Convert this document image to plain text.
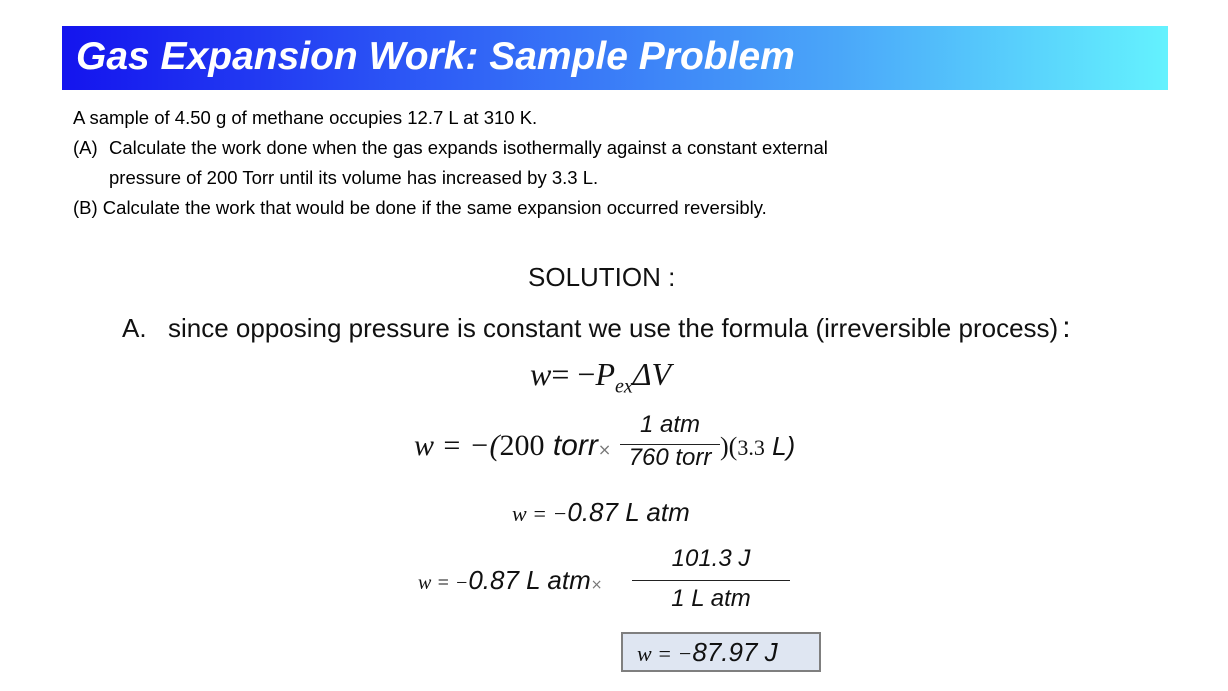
Gas Expansion Work: Sample Problem
A sample of 4.50 g of methane occupies 12.7 L at 310 K.
(A) Calculate the work done when the gas expands isothermally against a constant external
pressure of 200 Torr until its volume has increased by 3.3 L.
(B) Calculate the work that would be done if the same expansion occurred reversibly.
SOLUTION :
A. since opposing pressure is constant we use the formula (irreversible process) :
$w= -P_{ex}\Delta V$
w = −(200 torr×
1 atm
760 torr )(3.3 L)
w = −0.87 L atm
w = −0.87 L atm×
101.3 J
1 L atm
w = −87.97 J
